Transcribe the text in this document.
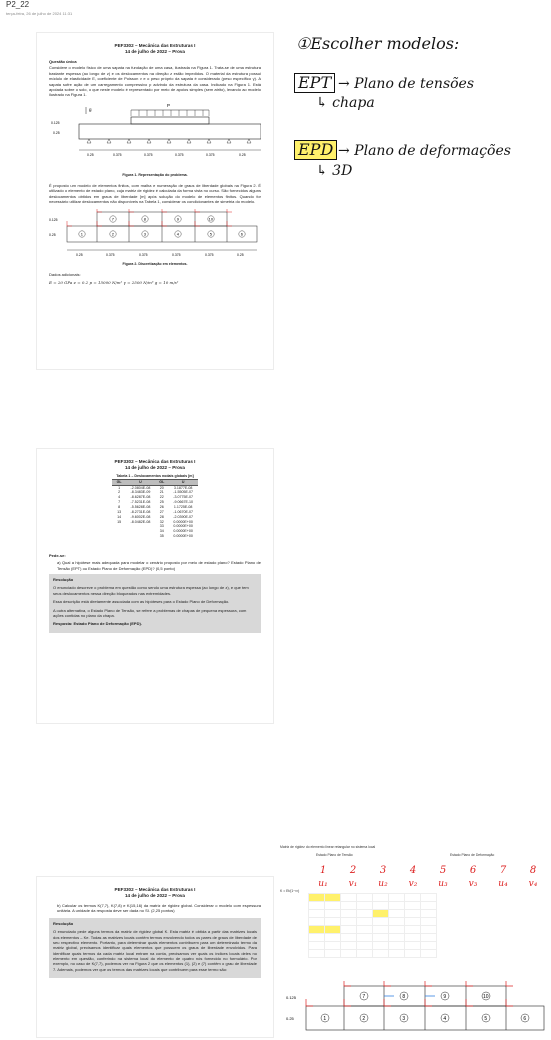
P2_22
terça-feira, 26 de julho de 2024 11:31
PEF3302 – Mecânica das Estruturas I
14 de julho de 2022 – Prova
Questão única

Considere o modelo físico de uma sapata na fundação de uma casa, ilustrada na Figura 1. Trata-se de uma estrutura bastante espessa (ao longo de z) e os deslocamentos na direção z estão impedidos. O material da estrutura possui módulo de elasticidade E, coeficiente de Poisson ν e o peso próprio da sapata é considerado (peso específico γ). A sapata sofre ação de um carregamento compressivo p advindo da estrutura da casa. Indicado na Figura 1. Está apoiada sobre o solo, o que neste modelo é representado por meio de apoios simples (sem atrito), levando ao modelo ilustrado na Figura 1.

g
P
0.125
0.25
0.25	0.375	0.375	0.375	0.375	0.25
Figura 1. Representação do problema.

É proposto um modelo de elementos finitos, com malha e numeração de graus de liberdade globais na Figura 2. É utilizado o elemento de estado plano, cuja matriz de rigidez é calculada da forma vista no curso. São fornecidos alguns deslocamentos obtidos em graus de liberdade [m] após solução do modelo de elementos finitos. Quando for necessário utilizar deslocamentos não disponíveis na Tabela 1, considerar os condicionantes de simetria do modelo.

0.125
0.25
7	8	9	10
1	2	3	4	5	6
0.25	0.375	0.375	0.375	0.375	0.25
Figura 2. Discretização em elementos.
Dados adicionais:
E = 20 GPa ν = 0.2 p = 15000 N/m² γ = 2500 N/m³ g = 10 m/s²
①Escolher modelos:
EPT → Plano de tensões
↳ chapa
EPD → Plano de deformações
↳ 3D
PEF3302 – Mecânica das Estruturas I
14 de julho de 2022 – Prova
Tabela 1 – Deslocamentos nodais globais [m]			
GL	U	GL	U
1	-2.0804E-08	20	3.1877E-08
2	-8.3483E-09	21	-1.5505E-07
4	-8.6287E-08	22	-3.0775E-07
7	-7.5231E-08	25	-9.0667E-10
8	-5.5628E-08	26	1.1725E-08
13	-8.2731E-08	27	-1.0670E-07
14	-9.6002E-08	28	-2.0390E-07
15	-8.0482E-08	32	0.0000E+00
		33	0.0000E+00
		34	0.0000E+00
		35	0.0000E+00
Pede-se:

a) Qual a hipótese mais adequada para modelar o cenário proposto por meio de estado plano? Estado Plano de Tensão (EPT) ou Estado Plano de Deformação (EPD)? (0,5 ponto)

Resolução

O enunciado descreve o problema em questão como sendo uma estrutura espessa (ao longo de z), e que tem seus deslocamentos nessa direção bloqueados nas extremidades.

Essa descrição está diretamente associada com as hipóteses para o Estado Plano de Deformação.

A outra alternativa, o Estado Plano de Tensão, se refere a problemas de chapas de pequena espessura, com ações contidas no plano da chapa.

Resposta: Estado Plano de Deformação (EPD).

PEF3302 – Mecânica das Estruturas I
14 de julho de 2022 – Prova

b) Calcular os termos K(7,7), K(7,8) e K(15,16) da matriz de rigidez global. Considerar o modelo com espessura unitária. A unidade da resposta deve ser dada no SI. (2,25 pontos)

Resolução

O enunciado pede alguns termos da matriz de rigidez global K. Esta matriz é obtida a partir das matrizes locais dos elementos – Ke. Todas as matrizes locais contêm termos envolvendo todos os pares de graus de liberdade de seu respectivo elemento. Portanto, para determinar quais elementos contribuem para um determinado termo da matriz global, precisamos identificar quais elementos que possuem os graus de liberdade envolvidos. Para identificar quais termos da cada matriz local entram na conta, precisamos ver quais os índices locais deles no elemento em questão, conferindo na sistema local do elemento de quatro nós fornecido no formulário. Por exemplo, no caso de K(7,7), podemos ver na Figura 2 que os elementos (1), (2) e (7) contêm o grau de liberdade 7. Ademais, podemos ver que os termos das matrizes locais que contribuem para esse termo são:

Matriz de rigidez do elemento linear retangular no sistema local
Estado Plano de Tensão	Estado Plano de Deformação
K = Et/(1−ν²)
1	2	3	4	5	6	7	8
u₁	v₁	u₂	v₂	u₃	v₃	u₄	v₄

0.125
0.25
7	8	9	10
1	2	3	4	5	6
